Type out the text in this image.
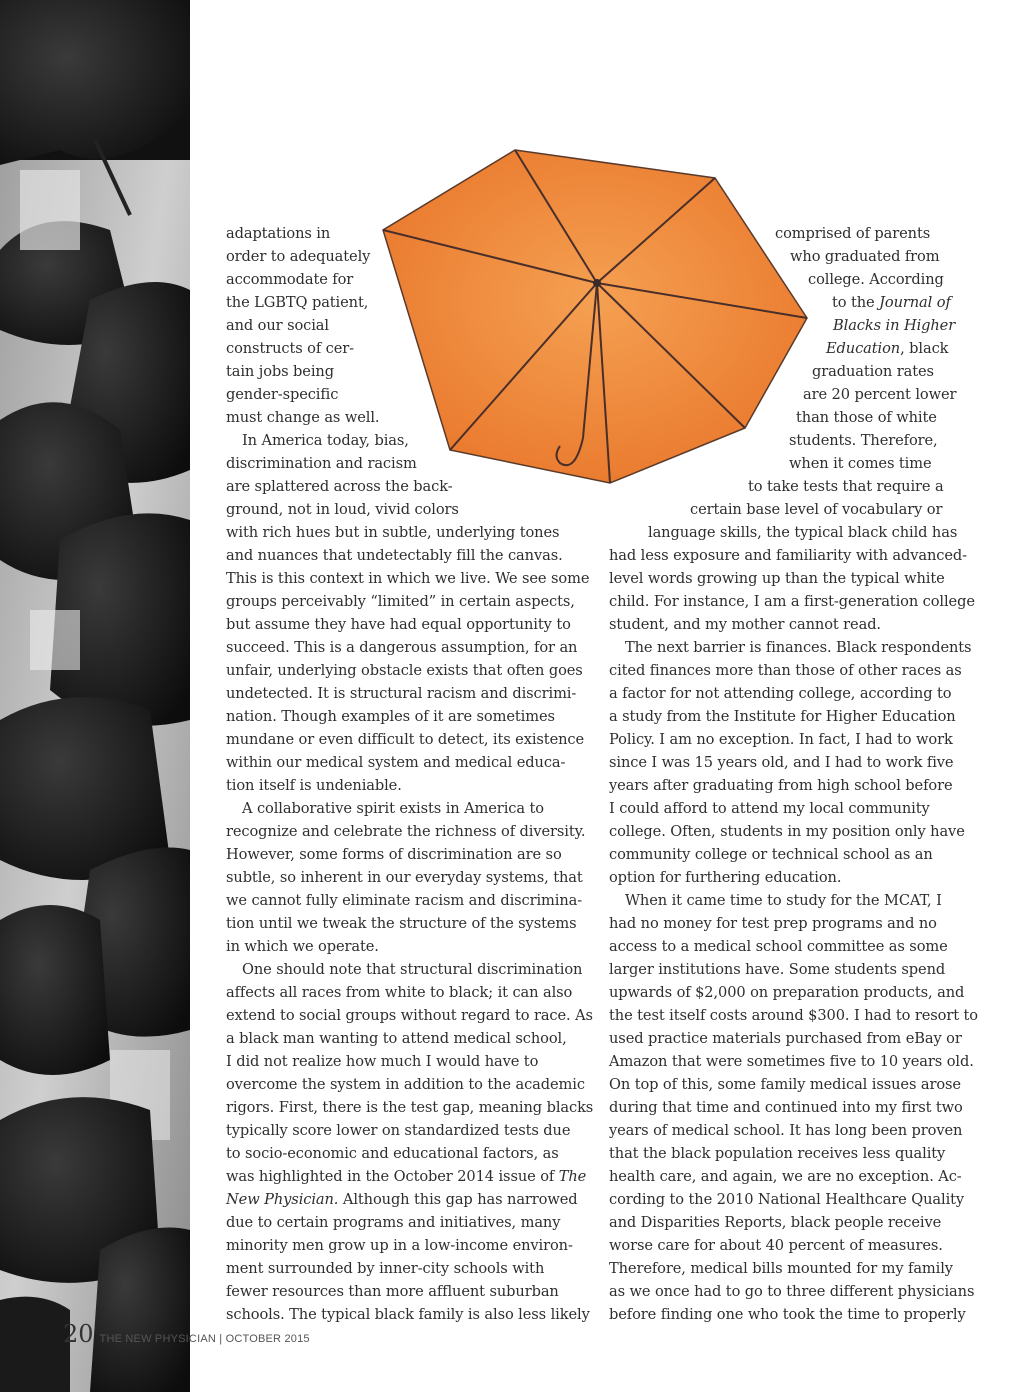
adaptations in
order to adequately
accommodate for
the LGBTQ patient,
and our social
constructs of cer-
tain jobs being
gender-specific
must change as well.
In America today, bias,
discrimination and racism
are splattered across the back-
ground, not in loud, vivid colors
with rich hues but in subtle, underlying tones
and nuances that undetectably fill the canvas.
This is this context in which we live. We see some
groups perceivably “limited” in certain aspects,
but assume they have had equal opportunity to
succeed. This is a dangerous assumption, for an
unfair, underlying obstacle exists that often goes
undetected. It is structural racism and discrimi-
nation. Though examples of it are sometimes
mundane or even difficult to detect, its existence
within our medical system and medical educa-
tion itself is undeniable.
A collaborative spirit exists in America to
recognize and celebrate the richness of diversity.
However, some forms of discrimination are so
subtle, so inherent in our everyday systems, that
we cannot fully eliminate racism and discrimina-
tion until we tweak the structure of the systems
in which we operate.
One should note that structural discrimination
affects all races from white to black; it can also
extend to social groups without regard to race. As
a black man wanting to attend medical school,
I did not realize how much I would have to
overcome the system in addition to the academic
rigors. First, there is the test gap, meaning blacks
typically score lower on standardized tests due
to socio-economic and educational factors, as
was highlighted in the October 2014 issue of The
New Physician. Although this gap has narrowed
due to certain programs and initiatives, many
minority men grow up in a low-income environ-
ment surrounded by inner-city schools with
fewer resources than more affluent suburban
schools. The typical black family is also less likely
comprised of parents
who graduated from
college. According
to the Journal of
Blacks in Higher
Education, black
graduation rates
are 20 percent lower
than those of white
students. Therefore,
when it comes time
to take tests that require a
certain base level of vocabulary or
language skills, the typical black child has
had less exposure and familiarity with advanced-
level words growing up than the typical white
child. For instance, I am a first-generation college
student, and my mother cannot read.
The next barrier is finances. Black respondents
cited finances more than those of other races as
a factor for not attending college, according to
a study from the Institute for Higher Education
Policy. I am no exception. In fact, I had to work
since I was 15 years old, and I had to work five
years after graduating from high school before
I could afford to attend my local community
college. Often, students in my position only have
community college or technical school as an
option for furthering education.
When it came time to study for the MCAT, I
had no money for test prep programs and no
access to a medical school committee as some
larger institutions have. Some students spend
upwards of $2,000 on preparation products, and
the test itself costs around $300. I had to resort to
used practice materials purchased from eBay or
Amazon that were sometimes five to 10 years old.
On top of this, some family medical issues arose
during that time and continued into my first two
years of medical school. It has long been proven
that the black population receives less quality
health care, and again, we are no exception. Ac-
cording to the 2010 National Healthcare Quality
and Disparities Reports, black people receive
worse care for about 40 percent of measures.
Therefore, medical bills mounted for my family
as we once had to go to three different physicians
before finding one who took the time to properly
20 THE NEW PHYSICIAN | OCTOBER 2015
